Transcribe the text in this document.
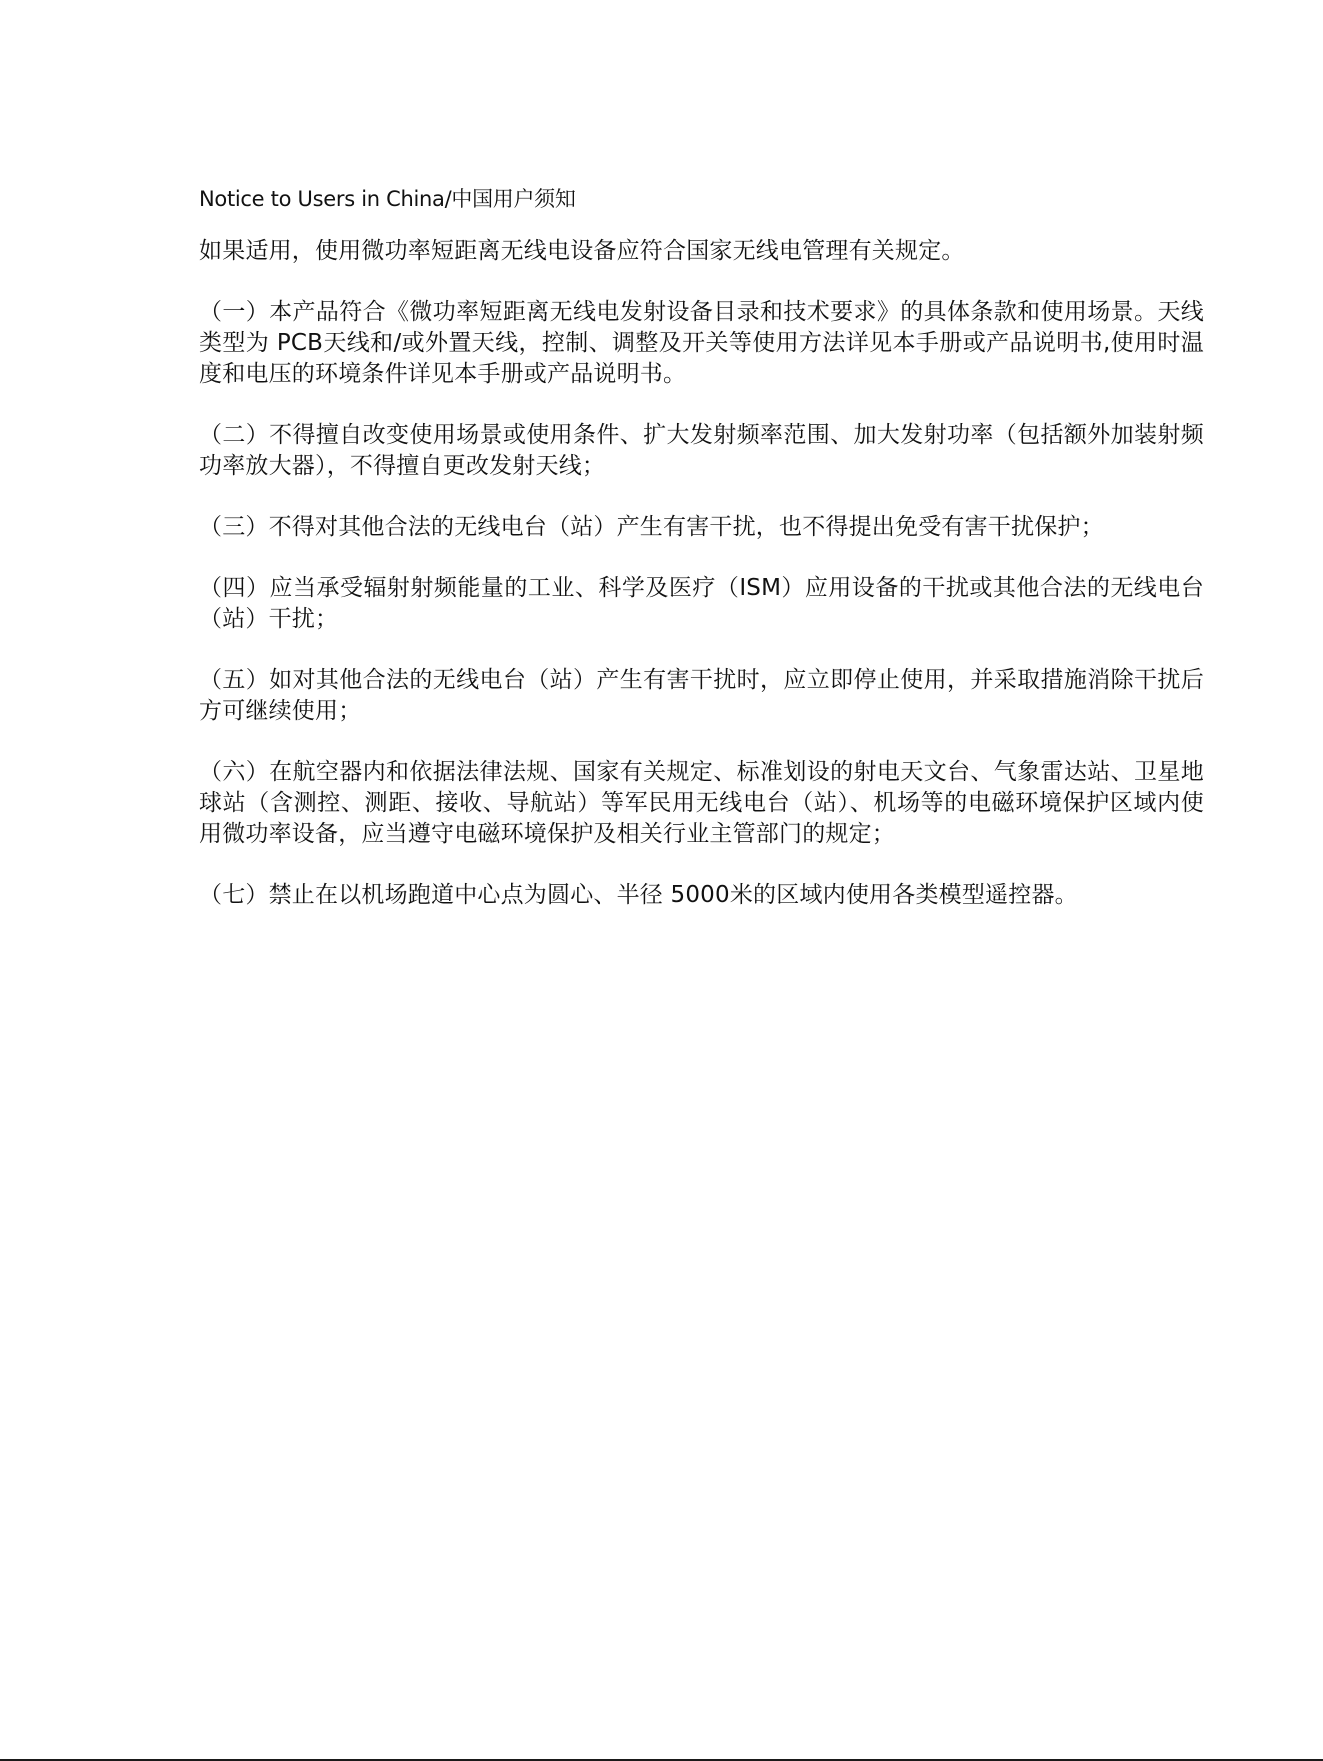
Notice to Users in China/中国用户须知

如果适用，使用微功率短距离无线电设备应符合国家无线电管理有关规定。

（一）本产品符合《微功率短距离无线电发射设备目录和技术要求》的具体条款和使用场景。天线类型为 PCB天线和/或外置天线，控制、调整及开关等使用方法详见本手册或产品说明书,使用时温度和电压的环境条件详见本手册或产品说明书。

（二）不得擅自改变使用场景或使用条件、扩大发射频率范围、加大发射功率（包括额外加装射频功率放大器），不得擅自更改发射天线；

（三）不得对其他合法的无线电台（站）产生有害干扰，也不得提出免受有害干扰保护；

（四）应当承受辐射射频能量的工业、科学及医疗（ISM）应用设备的干扰或其他合法的无线电台（站）干扰；

（五）如对其他合法的无线电台（站）产生有害干扰时，应立即停止使用，并采取措施消除干扰后方可继续使用；

（六）在航空器内和依据法律法规、国家有关规定、标准划设的射电天文台、气象雷达站、卫星地球站（含测控、测距、接收、导航站）等军民用无线电台（站）、机场等的电磁环境保护区域内使用微功率设备，应当遵守电磁环境保护及相关行业主管部门的规定；

（七）禁止在以机场跑道中心点为圆心、半径 5000米的区域内使用各类模型遥控器。
